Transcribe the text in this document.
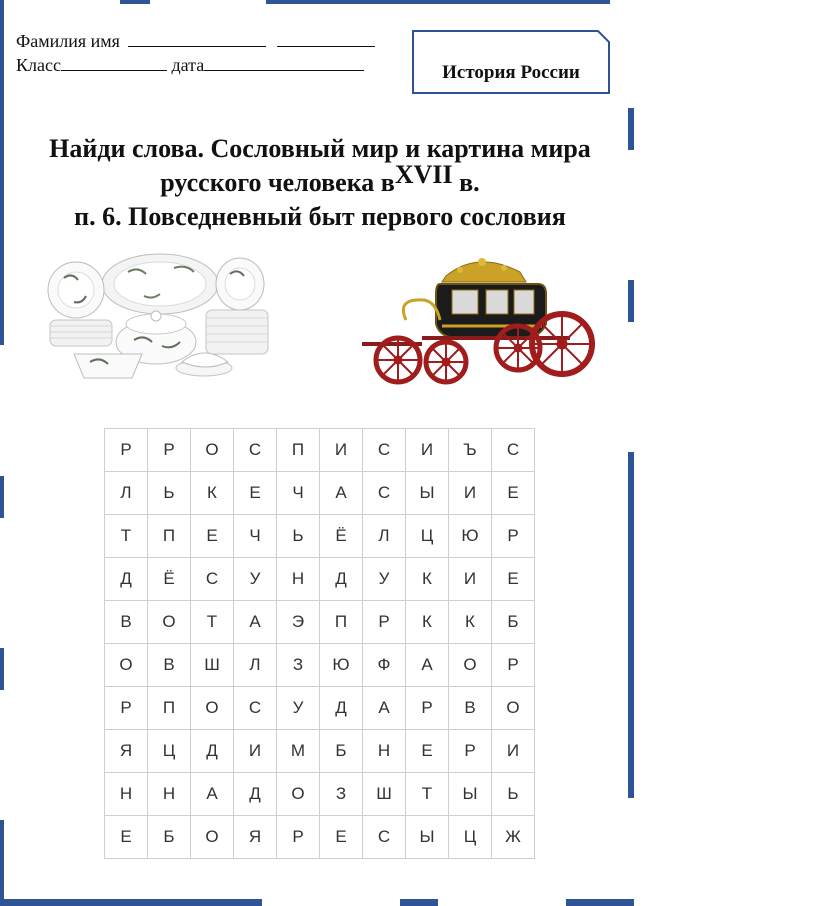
Фамилия имя
Класс	дата	История России
Найди слова. Сословный мир и картина мира
русского человека $в^{XVII}$ в.
п. 6. Повседневный быт первого сословия
Р	Р	О	С	П	И	С	И	Ъ	С
Л	Ь	К	Е	Ч	А	С	Ы	И	Е
Т	П	Е	Ч	Ь	Ё	Л	Ц	Ю	Р
Д	Ё	С	У	Н	Д	У	К	И	Е
В	О	Т	А	Э	П	Р	К	К	Б
О	В	Ш	Л	З	Ю	Ф	А	О	Р
Р	П	О	С	У	Д	А	Р	В	О
Я	Ц	Д	И	М	Б	Н	Е	Р	И
Н	Н	А	Д	О	З	Ш	Т	Ы	Ь
Е	Б	О	Я	Р	Е	С	Ы	Ц	Ж
